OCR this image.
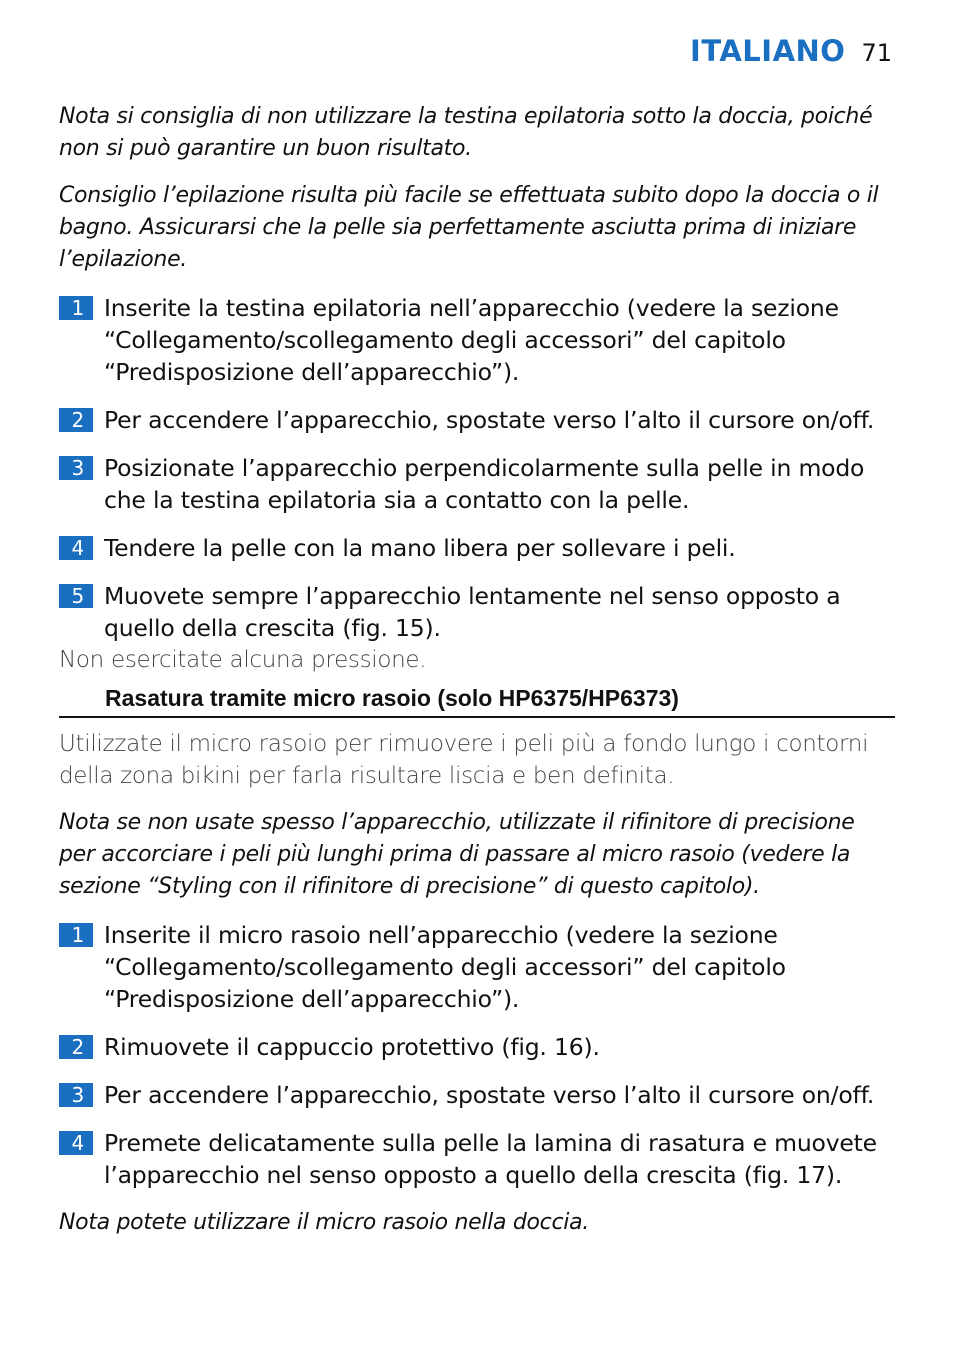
ITALIANO 71

Nota si consiglia di non utilizzare la testina epilatoria sotto la doccia, poiché non si può garantire un buon risultato.

Consiglio l’epilazione risulta più facile se effettuata subito dopo la doccia o il bagno. Assicurarsi che la pelle sia perfettamente asciutta prima di iniziare l’epilazione.

1 Inserite la testina epilatoria nell’apparecchio (vedere la sezione “Collegamento/scollegamento degli accessori” del capitolo “Predisposizione dell’apparecchio”).
2 Per accendere l’apparecchio, spostate verso l’alto il cursore on/off.
3 Posizionate l’apparecchio perpendicolarmente sulla pelle in modo che la testina epilatoria sia a contatto con la pelle.
4 Tendere la pelle con la mano libera per sollevare i peli.
5 Muovete sempre l’apparecchio lentamente nel senso opposto a quello della crescita (fig. 15).
Non esercitate alcuna pressione.
Rasatura tramite micro rasoio (solo HP6375/HP6373)
Utilizzate il micro rasoio per rimuovere i peli più a fondo lungo i contorni della zona bikini per farla risultare liscia e ben definita.

Nota se non usate spesso l’apparecchio, utilizzate il rifinitore di precisione per accorciare i peli più lunghi prima di passare al micro rasoio (vedere la sezione “Styling con il rifinitore di precisione” di questo capitolo).

1 Inserite il micro rasoio nell’apparecchio (vedere la sezione “Collegamento/scollegamento degli accessori” del capitolo “Predisposizione dell’apparecchio”).
2 Rimuovete il cappuccio protettivo (fig. 16).
3 Per accendere l’apparecchio, spostate verso l’alto il cursore on/off.
4 Premete delicatamente sulla pelle la lamina di rasatura e muovete l’apparecchio nel senso opposto a quello della crescita (fig. 17).

Nota potete utilizzare il micro rasoio nella doccia.
